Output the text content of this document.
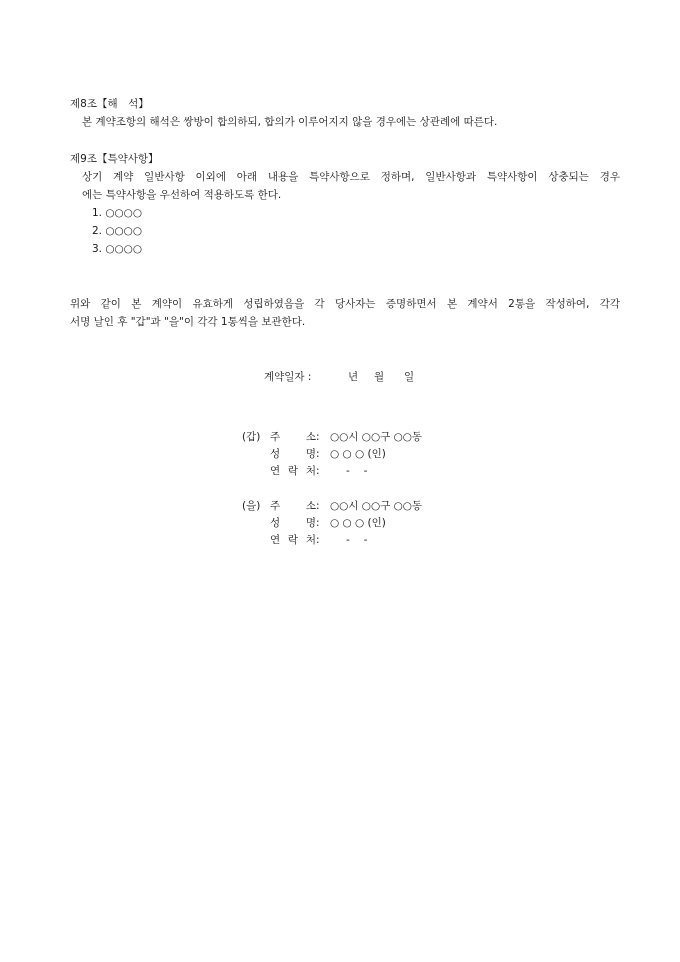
제8조【해　석】
본 계약조항의 해석은 쌍방이 합의하되, 합의가 이루어지지 않을 경우에는 상관례에 따른다.
제9조【특약사항】
상기 계약 일반사항 이외에 아래 내용을 특약사항으로 정하며, 일반사항과 특약사항이 상충되는 경우
에는 특약사항을 우선하여 적용하도록 한다.
1. ○○○○
2. ○○○○
3. ○○○○
위와 같이 본 계약이 유효하게 성립하였음을 각 당사자는 증명하면서 본 계약서 2통을 작성하여, 각각
서명 날인 후 "갑"과 "을"이 각각 1통씩을 보관한다.
계약일자 :	년 월 일
(갑) 주 소 : ○○시 ○○구 ○○동
성 명 : ○ ○ ○ (인)
연 락 처 :	-　 -
(을) 주 소 : ○○시 ○○구 ○○동
성 명 : ○ ○ ○ (인)
연 락 처 :	-　 -
